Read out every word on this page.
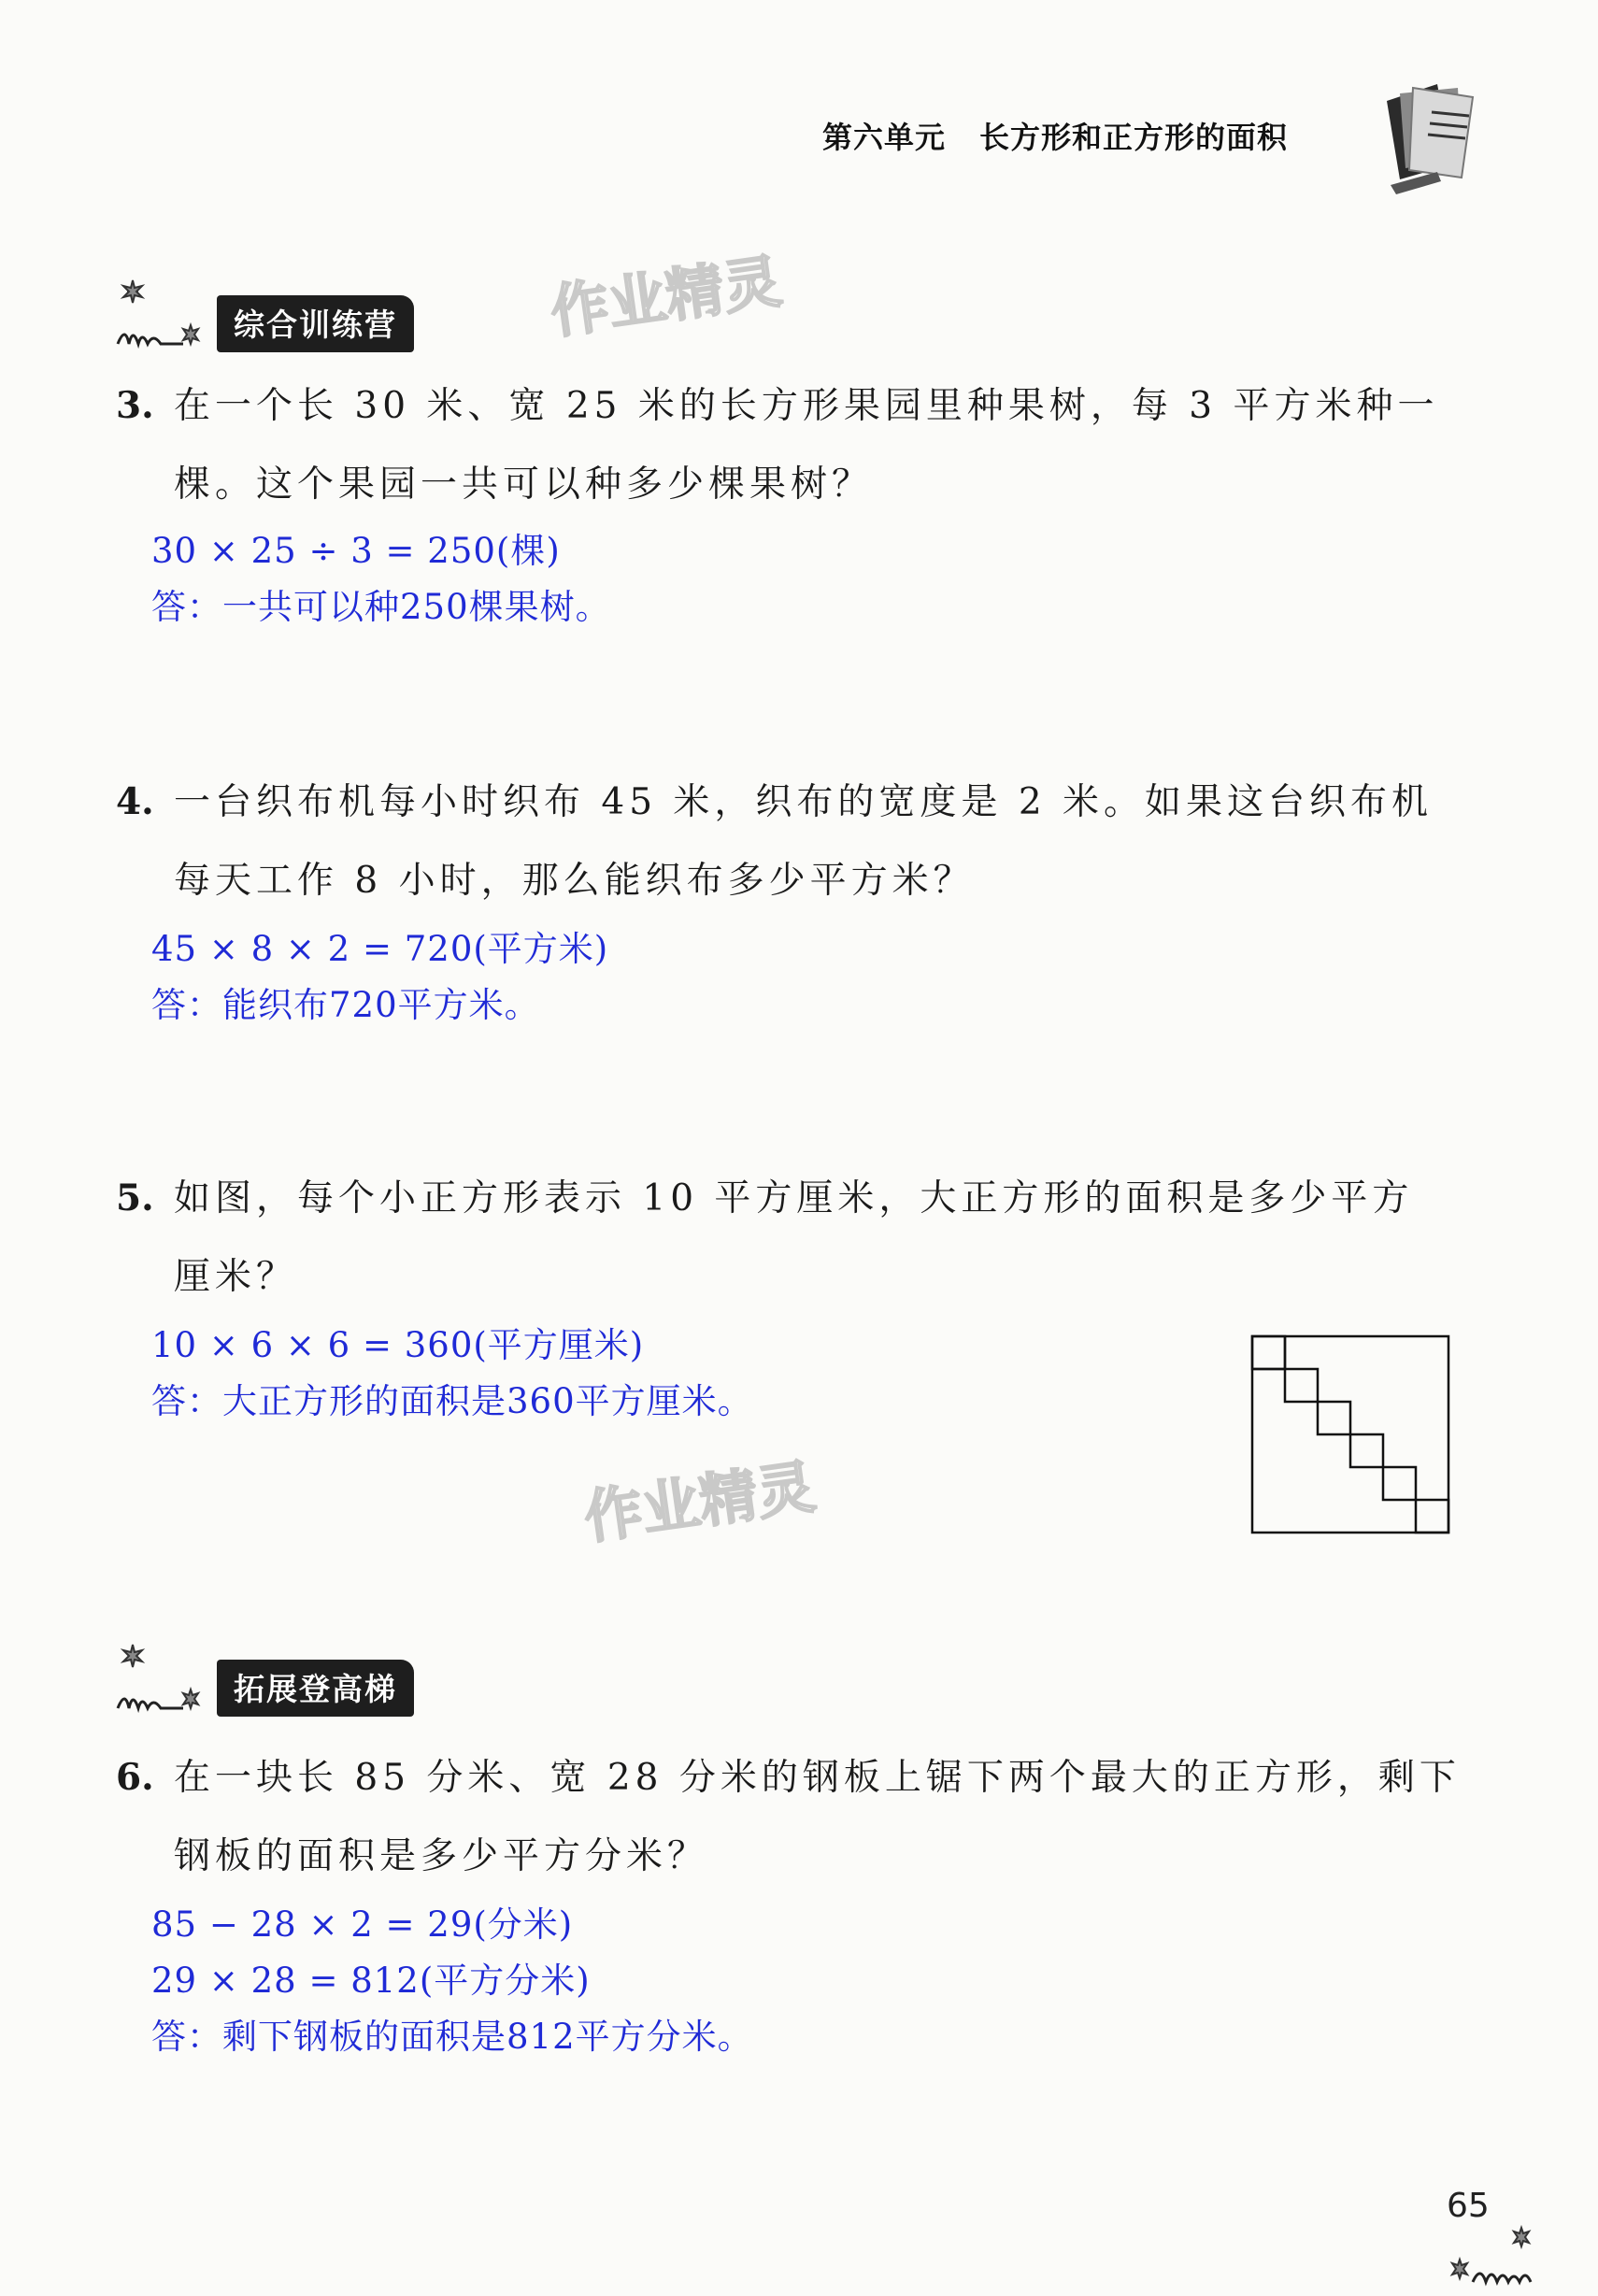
第六单元 长方形和正方形的面积
作业精灵
作业精灵
综合训练营
3. 在一个长 30 米、宽 25 米的长方形果园里种果树，每 3 平方米种一
棵。这个果园一共可以种多少棵果树？
30 × 25 ÷ 3 = 250(棵)
答：一共可以种250棵果树。
4. 一台织布机每小时织布 45 米，织布的宽度是 2 米。如果这台织布机
每天工作 8 小时，那么能织布多少平方米？
45 × 8 × 2 = 720(平方米)
答：能织布720平方米。
5. 如图，每个小正方形表示 10 平方厘米，大正方形的面积是多少平方
厘米？
10 × 6 × 6 = 360(平方厘米)
答：大正方形的面积是360平方厘米。
拓展登高梯
6. 在一块长 85 分米、宽 28 分米的钢板上锯下两个最大的正方形，剩下
钢板的面积是多少平方分米？
85 − 28 × 2 = 29(分米)
29 × 28 = 812(平方分米)
答：剩下钢板的面积是812平方分米。
65
